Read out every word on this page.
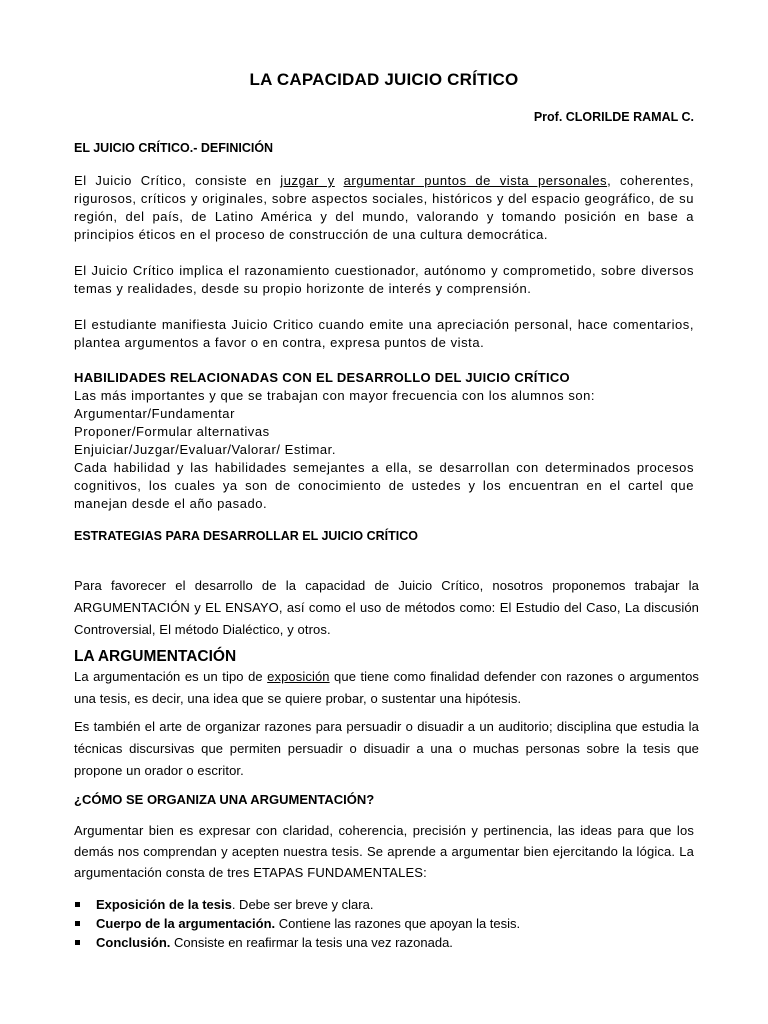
LA CAPACIDAD JUICIO CRÍTICO
Prof. CLORILDE RAMAL C.
EL JUICIO CRÍTICO.- DEFINICIÓN

El Juicio Crítico, consiste en juzgar y argumentar puntos de vista personales, coherentes, rigurosos, críticos y originales, sobre aspectos sociales, históricos y del espacio geográfico, de su región, del país, de Latino América y del mundo, valorando y tomando posición en base a principios éticos en el proceso de construcción de una cultura democrática.

El Juicio Crítico implica el razonamiento cuestionador, autónomo y comprometido, sobre diversos temas y realidades, desde su propio horizonte de interés y comprensión.

El estudiante manifiesta Juicio Critico cuando emite una apreciación personal, hace comentarios, plantea argumentos a favor o en contra, expresa puntos de vista.

HABILIDADES RELACIONADAS CON EL DESARROLLO DEL JUICIO CRÍTICO
Las más importantes y que se trabajan con mayor frecuencia con los alumnos son:
Argumentar/Fundamentar
Proponer/Formular alternativas
Enjuiciar/Juzgar/Evaluar/Valorar/ Estimar.

Cada habilidad y las habilidades semejantes a ella, se desarrollan con determinados procesos cognitivos, los cuales ya son de conocimiento de ustedes y los encuentran en el cartel que manejan desde el año pasado.

ESTRATEGIAS PARA DESARROLLAR EL JUICIO CRÍTICO

Para favorecer el desarrollo de la capacidad de Juicio Crítico, nosotros proponemos trabajar la ARGUMENTACIÓN y EL ENSAYO, así como el uso de métodos como: El Estudio del Caso, La discusión Controversial, El método Dialéctico, y otros.

LA ARGUMENTACIÓN

La argumentación es un tipo de exposición que tiene como finalidad defender con razones o argumentos una tesis, es decir, una idea que se quiere probar, o sustentar una hipótesis.

Es también el arte de organizar razones para persuadir o disuadir a un auditorio; disciplina que estudia la técnicas discursivas que permiten persuadir o disuadir a una o muchas personas sobre la tesis que propone un orador o escritor.

¿CÓMO SE ORGANIZA UNA ARGUMENTACIÓN?

Argumentar bien es expresar con claridad, coherencia, precisión y pertinencia, las ideas para que los demás nos comprendan y acepten nuestra tesis. Se aprende a argumentar bien ejercitando la lógica. La argumentación consta de tres ETAPAS FUNDAMENTALES:

Exposición de la tesis. Debe ser breve y clara.
Cuerpo de la argumentación. Contiene las razones que apoyan la tesis.
Conclusión. Consiste en reafirmar la tesis una vez razonada.
